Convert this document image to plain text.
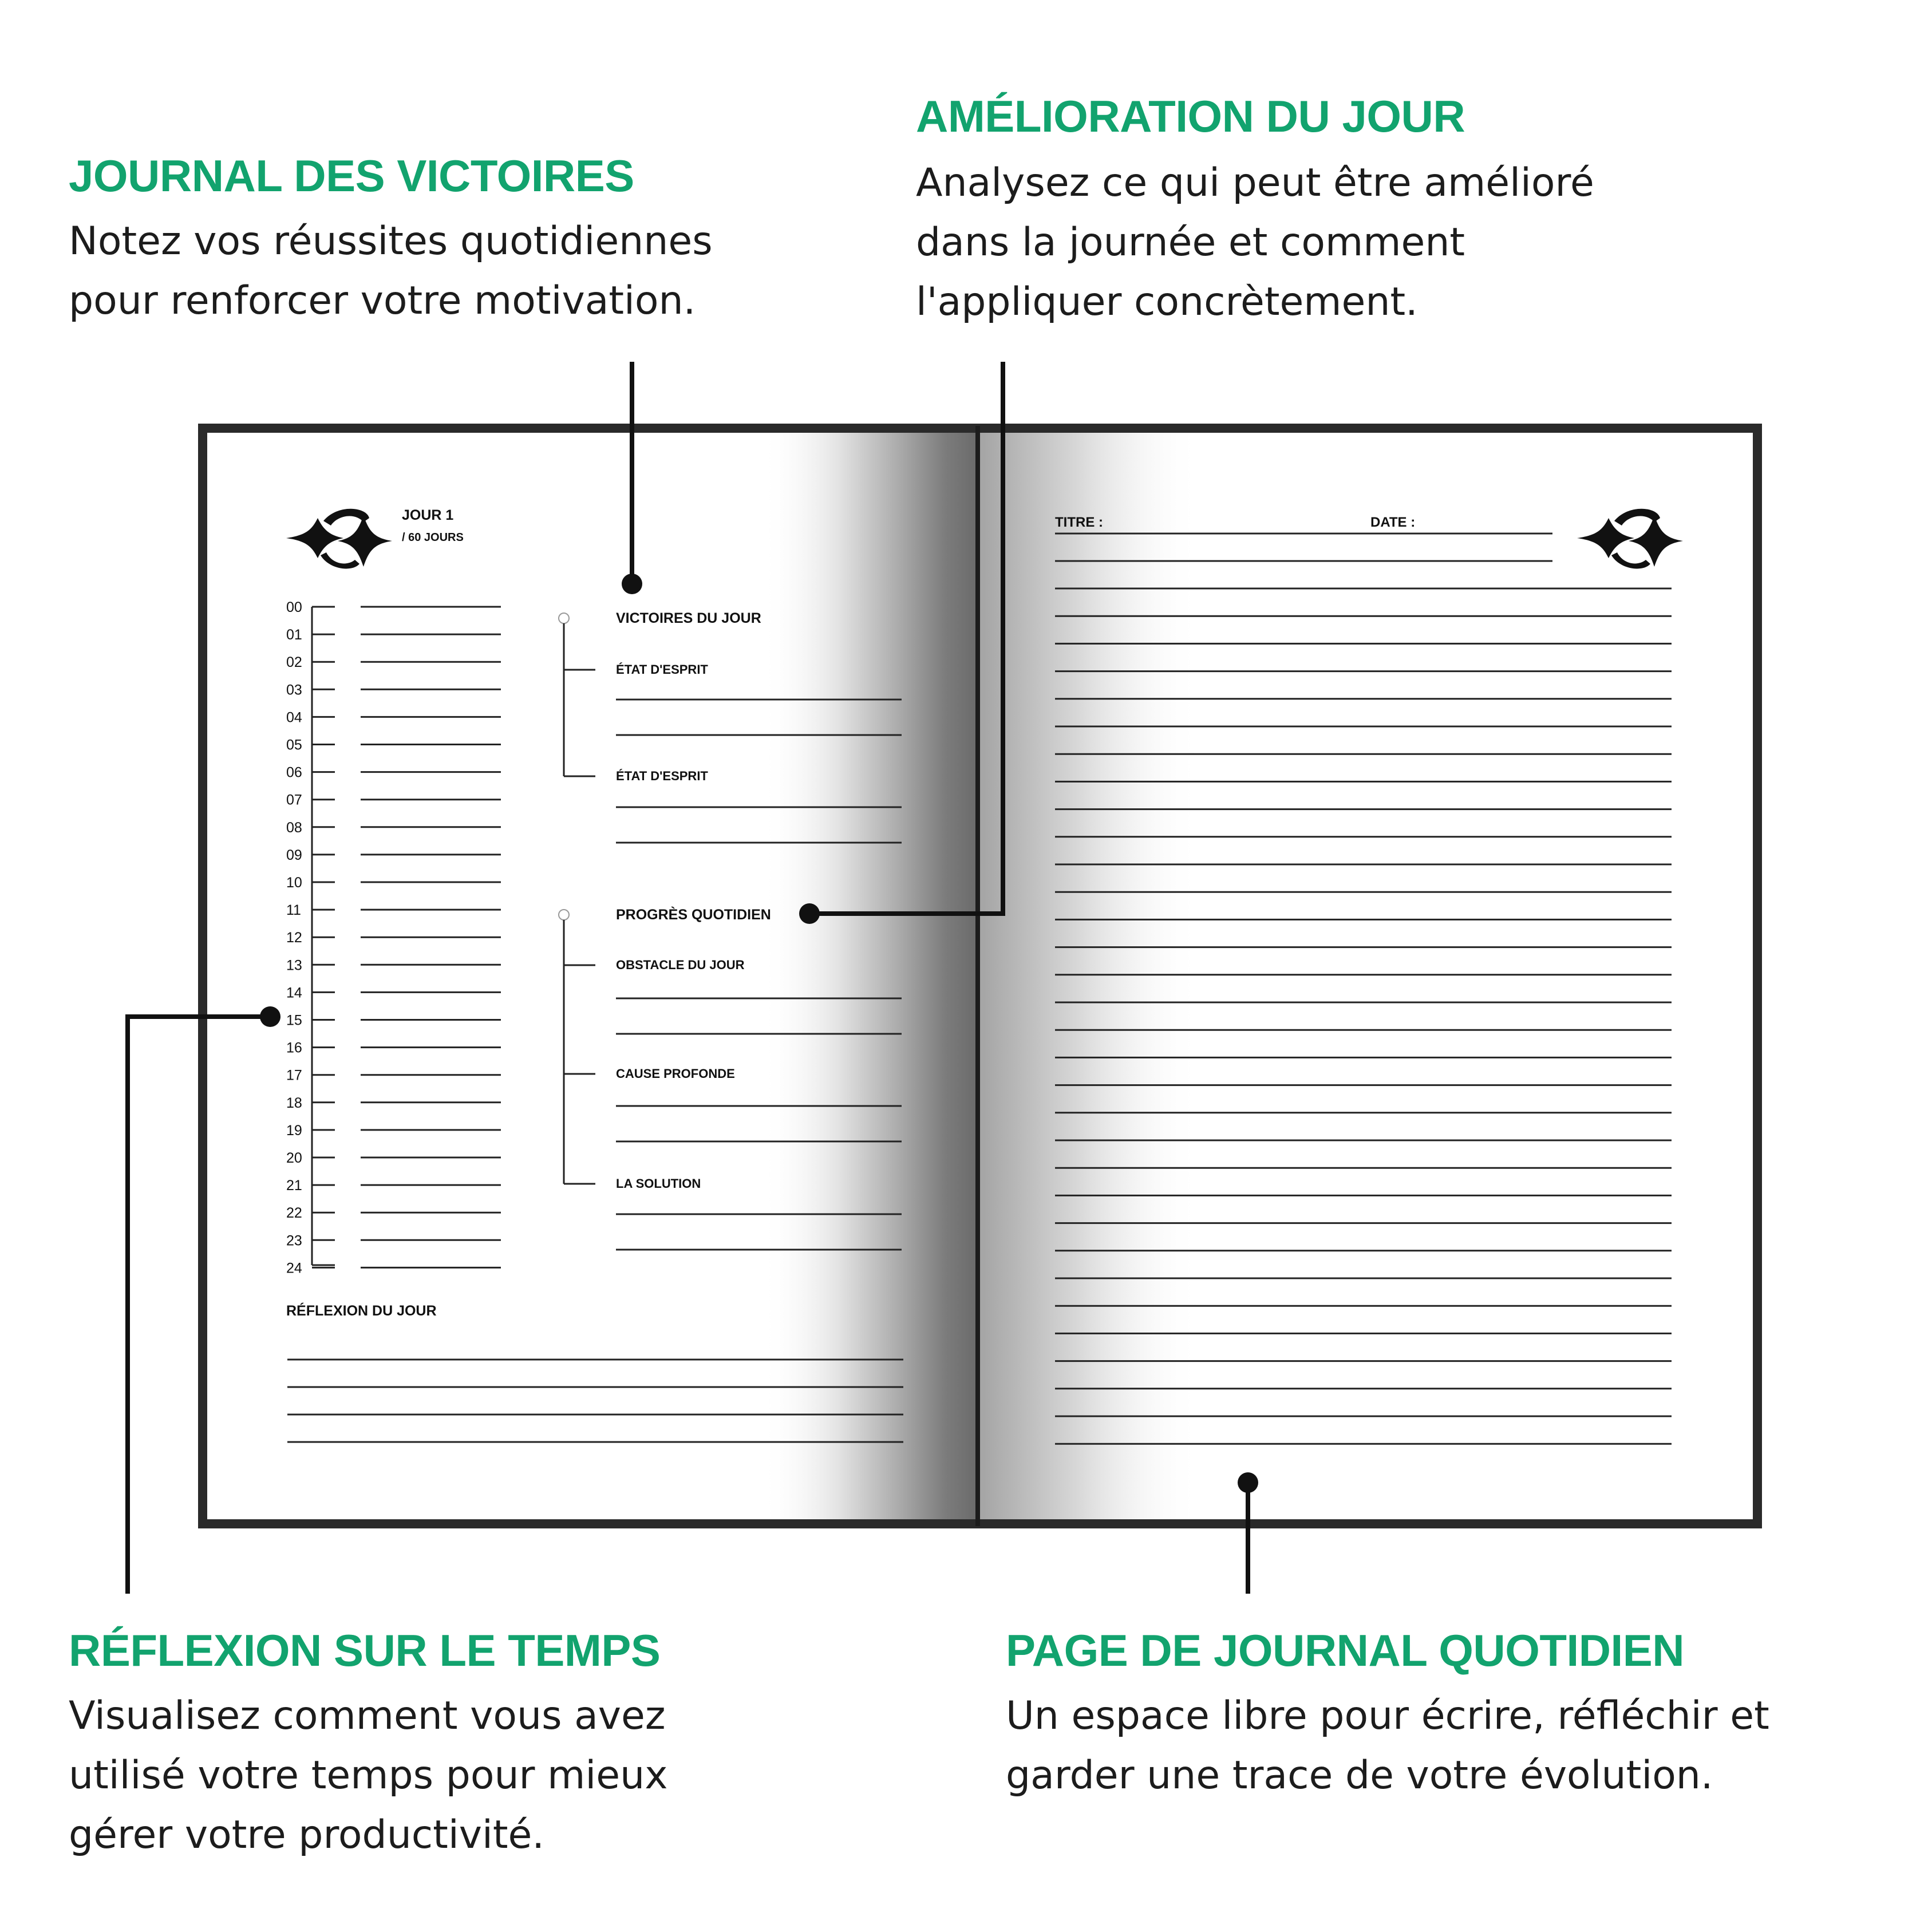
JOURNAL DES VICTOIRES
Notez vos réussites quotidiennes
pour renforcer votre motivation.
AMÉLIORATION DU JOUR
Analysez ce qui peut être amélioré
dans la journée et comment
l'appliquer concrètement.
RÉFLEXION SUR LE TEMPS
Visualisez comment vous avez
utilisé votre temps pour mieux
gérer votre productivité.
PAGE DE JOURNAL QUOTIDIEN
Un espace libre pour écrire, réfléchir et
garder une trace de votre évolution.
JOUR 1
/ 60 JOURS
00
01
02
03
04
05
06
07
08
09
10
11
12
13
14
15
16
17
18
19
20
21
22
23
24
VICTOIRES DU JOUR
ÉTAT D'ESPRIT
ÉTAT D'ESPRIT
PROGRÈS QUOTIDIEN
OBSTACLE DU JOUR
CAUSE PROFONDE
LA SOLUTION
RÉFLEXION DU JOUR
TITRE :	DATE :
